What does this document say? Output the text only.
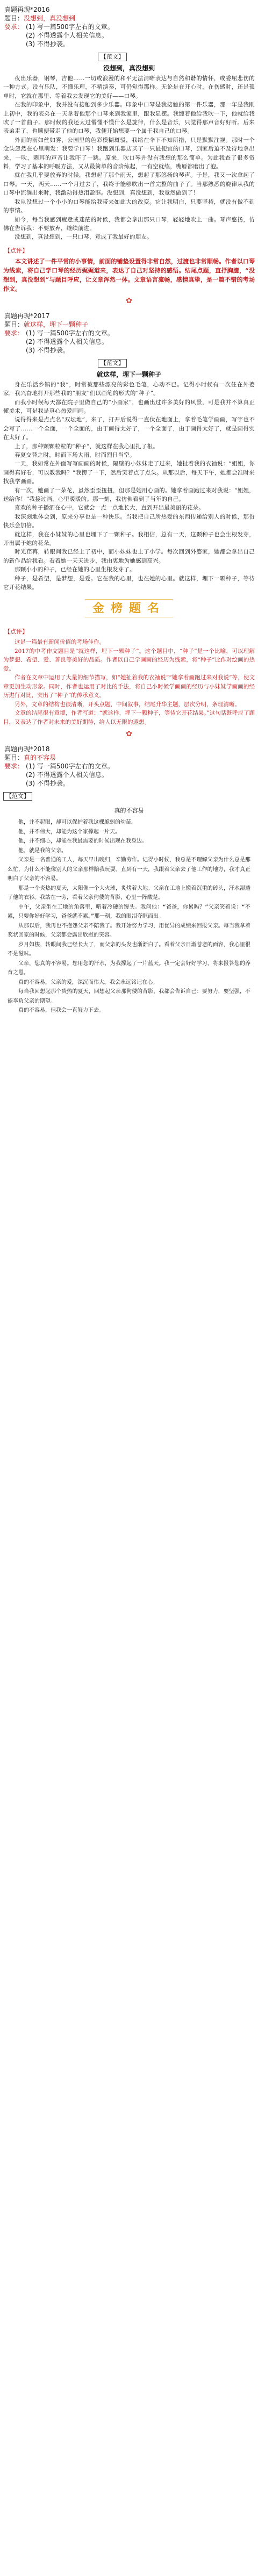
真题再现*2016
题目：没想到，真没想到
要求： (1) 写一篇500字左右的文章。
(2) 不得透露个人相关信息。
(3) 不得抄袭。
【范文】
没想到，真没想到

夜出乐器，钢琴，吉他……一切或浪漫的和平无法清晰表达与自然和谐的情怀，或委屈悲伤的一种方式。没有乐队，不懂乐理，不精演奏，可仍觉得那样。无论是在开心时，在伤感时，还是孤单时，它就在那里、等着我去发现它的美好——口琴。

在我的印象中，我并没有接触到多少乐器。印象中口琴是我接触的第一件乐器，那一年是我刚上初中，我的表弟在一天拿着他那个口琴来到我家里，跟我显摆。我缠着他给我吹一下，他就给我吹了一首曲子。那时候的我还太过懵懂不懂什么是旋律，什么是音乐，只觉得那声音好好听。后来表弟走了，也顺便带走了他的口琴，我便开始想要一个属于我自己的口琴。

外面的雨如丝如雾，公园里的色彩模糊斑驳，我缩在伞下不知所措，只是默默注视。那时一个念头忽然在心里萌发：我要学口琴！我跑到乐器店买了一只最便宜的口琴，到家后迫不及待地拿出来，一吹，刺耳的声音让我吓了一跳。原来，吹口琴并没有我想的那么简单。为此我查了很多资料，学习了基本的呼吸方法，又从最简单的音阶练起，一有空就练，嘴唇都磨出了泡。

就在我几乎要放弃的时候，我想起了那个雨天，想起了那悠扬的琴声。于是，我又一次拿起了口琴。一天，两天……一个月过去了，我终于能够吹出一首完整的曲子了。当那熟悉的旋律从我的口琴中流淌出来时，我激动得热泪盈眶。没想到，真没想到，我竟然做到了！

我从没想过一个小小的口琴能给我带来如此大的改变。它让我明白，只要坚持，就没有做不到的事情。

如今，每当我感到疲惫或迷茫的时候，我都会拿出那只口琴，轻轻地吹上一曲。琴声悠扬，仿佛在告诉我：不要放弃，继续前进。

没想到，真没想到，一只口琴，竟成了我最好的朋友。

【点评】

本文讲述了一件平常的小事情，前面的铺垫设置得非常自然，过渡也非常顺畅。作者以口琴为线索，将自己学口琴的经历娓娓道来，表达了自己对坚持的感悟。结尾点题，直抒胸臆，“没想到，真没想到”与题目呼应，让文章浑然一体。文章语言流畅，感情真挚，是一篇不错的考场作文。

✿
真题再现*2017
题目：就这样，埋下一颗种子
要求： (1) 写一篇500字左右的文章。
(2) 不得透露个人相关信息。
(3) 不得抄袭。
【范文】
就这样，埋下一颗种子

身在乐活乡镇的“我”，时常被那些漂亮的彩色毛笔，心动不已。记得小时候有一次住在外婆家，我兴奋地打开那些我的“朋友”们以画笔的形式的“种子”。

而我小时候每天都在院子里做自己的“小画家”，也画出过许多美好的风景，可是我并不算真正懂美术，可是我是真心热爱画画。

说得得来是点点名“双坛地”，来了，打开后说得一直伏在地面上，拿着毛笔学画画，写字也不会写了……一个全面，一个全面的，由于画得太好了，一个全面了，由于画得太好了，就是画得实在太好了。

上了，那种颗颗粒粒的“种子”，就这样在我心里扎了根。

春夏交替之时，时而下场大雨，时而烈日当空。

一天，我如常在外面写写画画的时候，隔壁的小妹妹走了过来，她扯着我的衣袖说：“姐姐，你画得真好看，可以教我吗？”我愣了一下，然后笑着点了点头。从那以后，每天下午，她都会准时来找我学画画。

有一次，她画了一朵花，虽然歪歪扭扭，但那是她用心画的。她拿着画跑过来对我说：“姐姐，送给你！”我接过画，心里暖暖的。那一刻，我仿佛看到了当年的自己。

喜欢的种子播洒在心中，它就会一点一点地长大，直到开出最美丽的花朵。

我深刻地体会到，原来分享也是一种快乐。当我把自己所热爱的东西传递给别人的时候，那份快乐会加倍。

就这样，我在小妹妹的心里也埋下了一颗种子。我相信，总有一天，这颗种子也会生根发芽，开出属于她的花朵。

时光荏苒，转眼间我已经上了初中，而小妹妹也上了小学。每次回到外婆家，她都会拿出自己的新作品给我看。看着她一天天进步，我由衷地为她感到高兴。

那颗小小的种子，已经在她的心里生根发芽了。

种子，是希望，是梦想，是爱。它在我的心里，也在她的心里。就这样，埋下一颗种子，等待它开花结果。

金榜题名
【点评】

这是一篇最有新闻价值的考场佳作。

2017的中考作文题目是“就这样，埋下一颗种子”。这个题目中，“种子”是一个比喻，可以理解为梦想、希望、爱、善良等美好的品质。作者以自己学画画的经历为线索，将“种子”比作对绘画的热爱。

作者在文章中运用了大量的细节描写，如“她扯着我的衣袖说”“她拿着画跑过来对我说”等，使文章更加生动形象。同时，作者也运用了对比的手法，将自己小时候学画画的经历与小妹妹学画画的经历进行对比，突出了“种子”的传承意义。

另外，文章的结构也很清晰，开头点题，中间叙事，结尾升华主题，层次分明，条理清晰。

文章的结尾很有意境，作者写道：“就这样，埋下一颗种子，等待它开花结果。”这句话既呼应了题目，又表达了作者对未来的美好期待，给人以无限的遐想。

✿
真题再现*2018
题目：真的不容易
要求： (1) 写一篇500字左右的文章。
(2) 不得透露个人相关信息。
(3) 不得抄袭。
【范文】
真的不容易

他，并不起眼，却可以保护着我这棵脆弱的幼苗。

他，并不伟大，却能为这个家撑起一片天。

他，并不细心，却能在我最需要的时候出现在我身边。

他，就是我的父亲。

父亲是一名普通的工人，每天早出晚归，辛勤劳作。记得小时候，我总是不理解父亲为什么总是那么忙，为什么不能像别人的父亲那样陪我玩耍。直到有一天，我跟着父亲去了他工作的地方，我才真正明白了父亲的不容易。

那是一个炎热的夏天，太阳像一个大火球，炙烤着大地。父亲在工地上搬着沉重的砖头，汗水湿透了他的衣衫。我站在一旁，看着父亲佝偻的背影，心里一阵酸楚。

中午，父亲坐在工地的角落里，啃着冷硬的馒头。我问他：“爸爸，你累吗？”父亲笑着说：“不累，只要你好好学习，爸爸就不累。”那一刻，我的眼泪夺眶而出。

从那以后，我再也不抱怨父亲不陪我了。我开始努力学习，用优异的成绩来回报父亲。每当我拿着奖状回家的时候，父亲都会露出欣慰的笑容。

岁月如梭，转眼间我已经长大了，而父亲的头发也渐渐白了。看着父亲日渐苍老的面容，我心里很不是滋味。

父亲，您真的不容易。您用您的汗水，为我撑起了一片蓝天。我一定会好好学习，将来报答您的养育之恩。

真的不容易，父亲的爱，深沉而伟大。我会永远铭记在心。

每当我回想起那个炎热的夏天，回想起父亲那佝偻的背影，我都会告诉自己：要努力，要坚强，不能辜负父亲的期望。

真的不容易，但我会一直努力下去。
